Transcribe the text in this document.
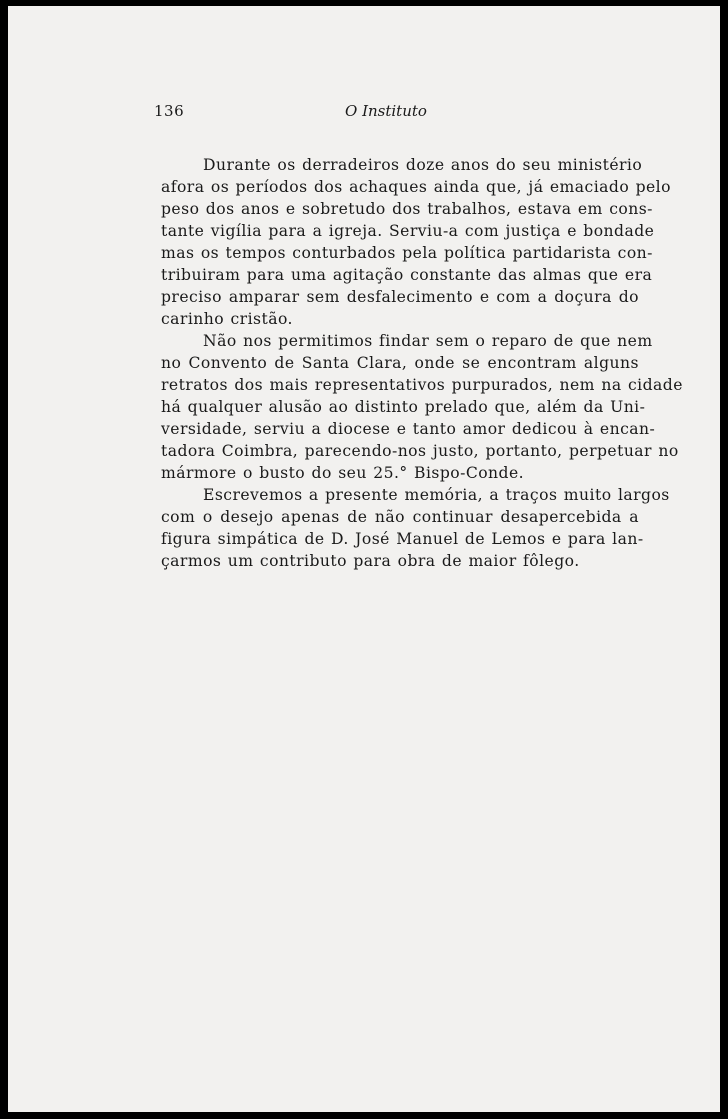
136	O Instituto
Durante os derradeiros doze anos do seu ministério
afora os períodos dos achaques ainda que, já emaciado pelo
peso dos anos e sobretudo dos trabalhos, estava em cons-
tante vigília para a igreja. Serviu-a com justiça e bondade
mas os tempos conturbados pela política partidarista con-
tribuiram para uma agitação constante das almas que era
preciso amparar sem desfalecimento e com a doçura do
carinho cristão.
Não nos permitimos findar sem o reparo de que nem
no Convento de Santa Clara, onde se encontram alguns
retratos dos mais representativos purpurados, nem na cidade
há qualquer alusão ao distinto prelado que, além da Uni-
versidade, serviu a diocese e tanto amor dedicou à encan-
tadora Coimbra, parecendo-nos justo, portanto, perpetuar no
mármore o busto do seu 25.° Bispo-Conde.
Escrevemos a presente memória, a traços muito largos
com o desejo apenas de não continuar desapercebida a
figura simpática de D. José Manuel de Lemos e para lan-
çarmos um contributo para obra de maior fôlego.
